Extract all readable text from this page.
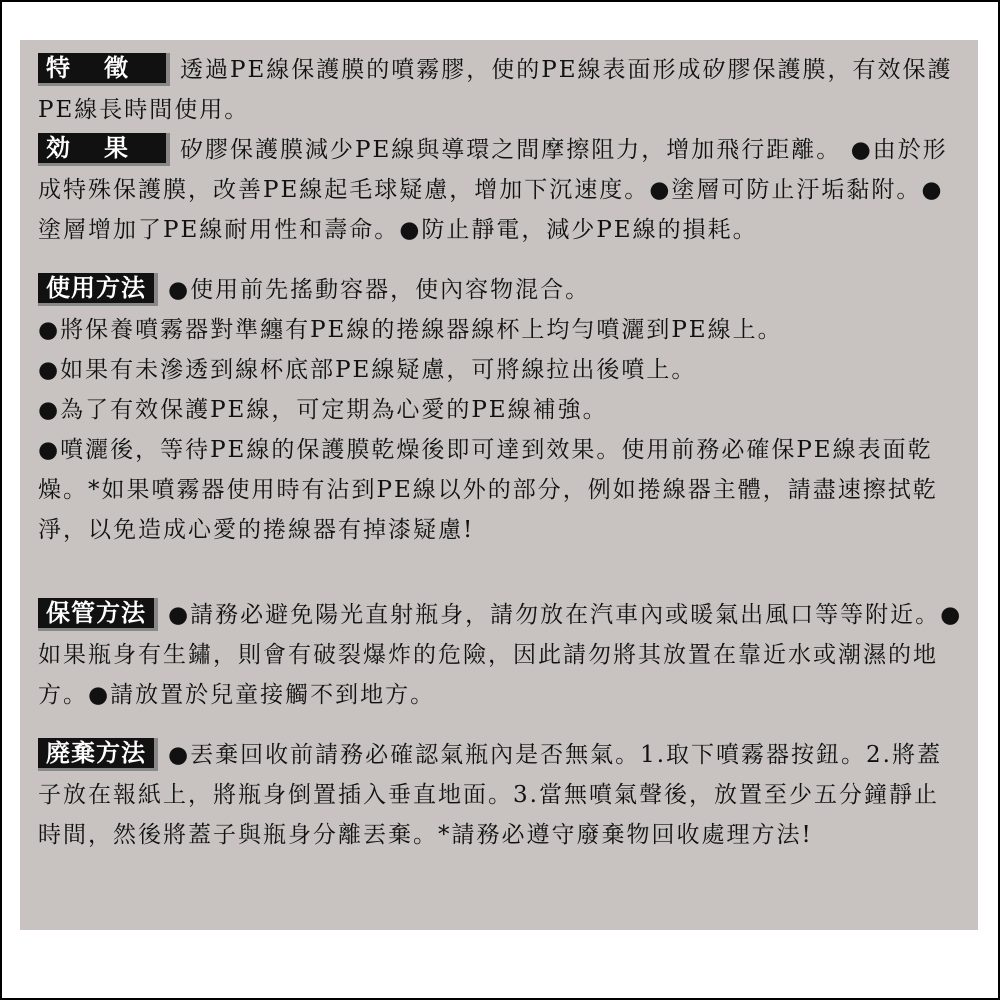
特徵 透過PE線保護膜的噴霧膠，使的PE線表面形成矽膠保護膜，有效保護PE線長時間使用。
効果 矽膠保護膜減少PE線與導環之間摩擦阻力，增加飛行距離。 ●由於形成特殊保護膜，改善PE線起毛球疑慮，增加下沉速度。●塗層可防止汙垢黏附。●塗層增加了PE線耐用性和壽命。●防止靜電，減少PE線的損耗。
使用方法 ●使用前先搖動容器，使內容物混合。
●將保養噴霧器對準纏有PE線的捲線器線杯上均勻噴灑到PE線上。
●如果有未滲透到線杯底部PE線疑慮，可將線拉出後噴上。
●為了有效保護PE線，可定期為心愛的PE線補強。
●噴灑後，等待PE線的保護膜乾燥後即可達到效果。使用前務必確保PE線表面乾燥。*如果噴霧器使用時有沾到PE線以外的部分，例如捲線器主體，請盡速擦拭乾淨，以免造成心愛的捲線器有掉漆疑慮!
保管方法 ●請務必避免陽光直射瓶身，請勿放在汽車內或暖氣出風口等等附近。●如果瓶身有生鏽，則會有破裂爆炸的危險，因此請勿將其放置在靠近水或潮濕的地方。●請放置於兒童接觸不到地方。
廃棄方法 ●丟棄回收前請務必確認氣瓶內是否無氣。1.取下噴霧器按鈕。2.將蓋子放在報紙上，將瓶身倒置插入垂直地面。3.當無噴氣聲後，放置至少五分鐘靜止時間，然後將蓋子與瓶身分離丟棄。*請務必遵守廢棄物回收處理方法!
